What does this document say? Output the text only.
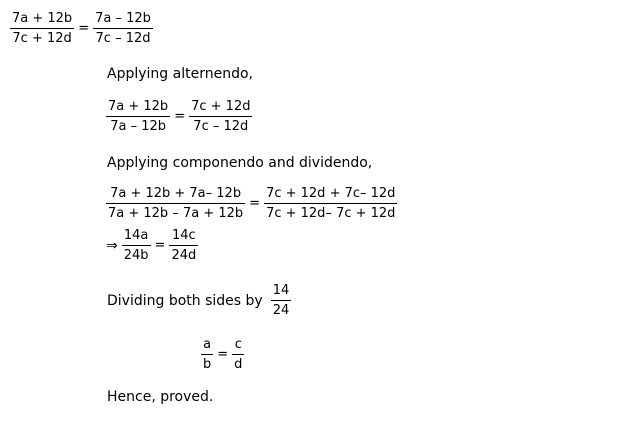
$\frac{7a + 12b}{7c + 12d} = \frac{7a - 12b}{7c - 12d}$
Applying alternendo,
$\frac{7a + 12b}{7a - 12b} = \frac{7c + 12d}{7c - 12d}$
Applying componendo and dividendo,
$\frac{7a + 12b + 7a- 12b}{7a + 12b - 7a + 12b} = \frac{7c + 12d + 7c- 12d}{7c + 12d- 7c + 12d}$
⇒ $\frac{14a}{24b} = \frac{14c}{24d}$
Dividing both sides by $\frac{14}{24}$
$\frac{a}{b} = \frac{c}{d}$
Hence, proved.
